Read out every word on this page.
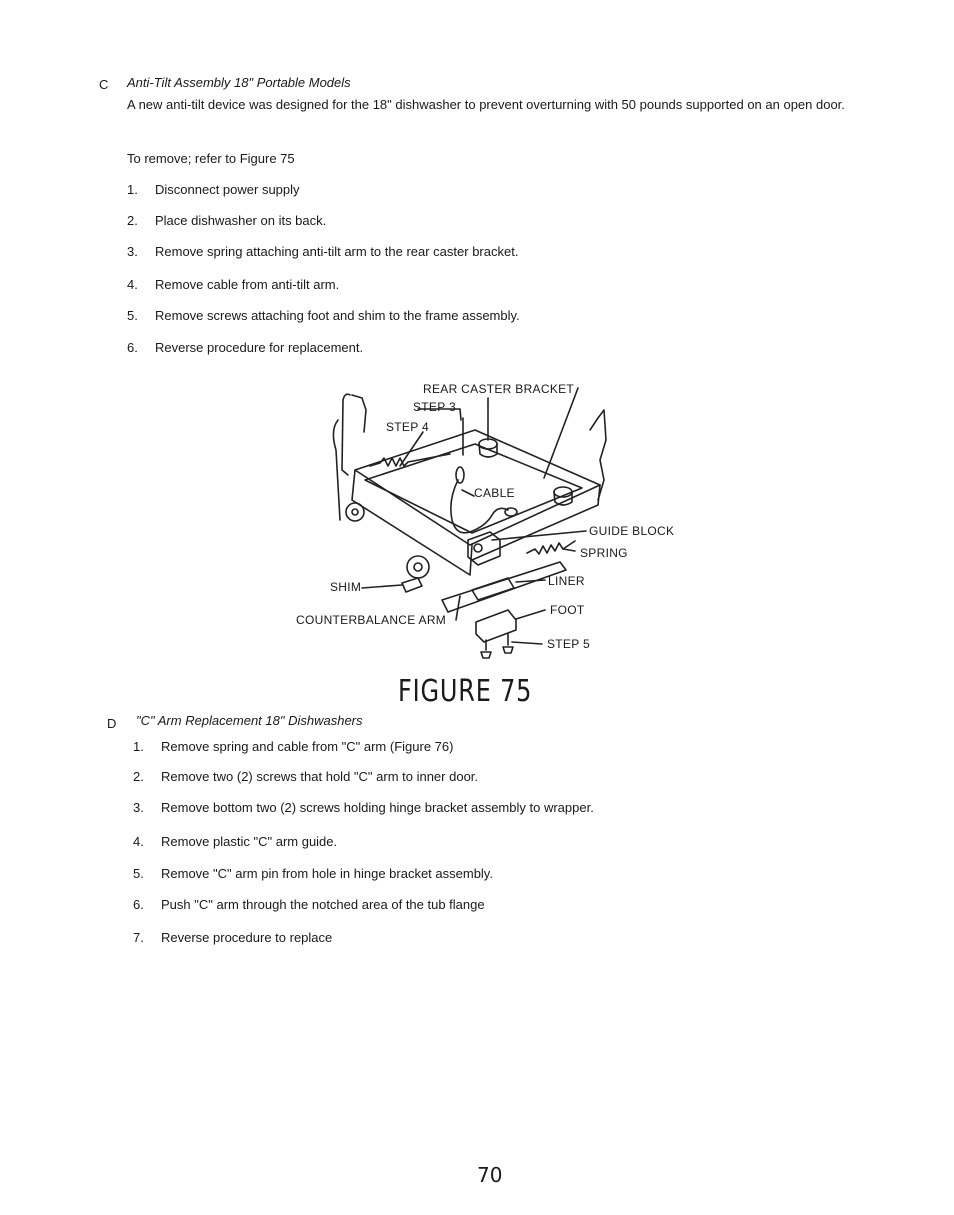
C Anti-Tilt Assembly 18" Portable Models
A new anti-tilt device was designed for the 18" dishwasher to prevent overturning with 50 pounds supported on an open door.
To remove; refer to Figure 75
1. Disconnect power supply
2. Place dishwasher on its back.
3. Remove spring attaching anti-tilt arm to the rear caster bracket.
4. Remove cable from anti-tilt arm.
5. Remove screws attaching foot and shim to the frame assembly.
6. Reverse procedure for replacement.
REAR CASTER BRACKET
STEP 3
STEP 4
CABLE
GUIDE BLOCK
SPRING
LINER
SHIM
FOOT
COUNTERBALANCE ARM
STEP 5
FIGURE 75
D "C" Arm Replacement 18" Dishwashers
1. Remove spring and cable from "C" arm (Figure 76)
2. Remove two (2) screws that hold "C" arm to inner door.
3. Remove bottom two (2) screws holding hinge bracket assembly to wrapper.
4. Remove plastic "C" arm guide.
5. Remove "C" arm pin from hole in hinge bracket assembly.
6. Push "C" arm through the notched area of the tub flange
7. Reverse procedure to replace
70
